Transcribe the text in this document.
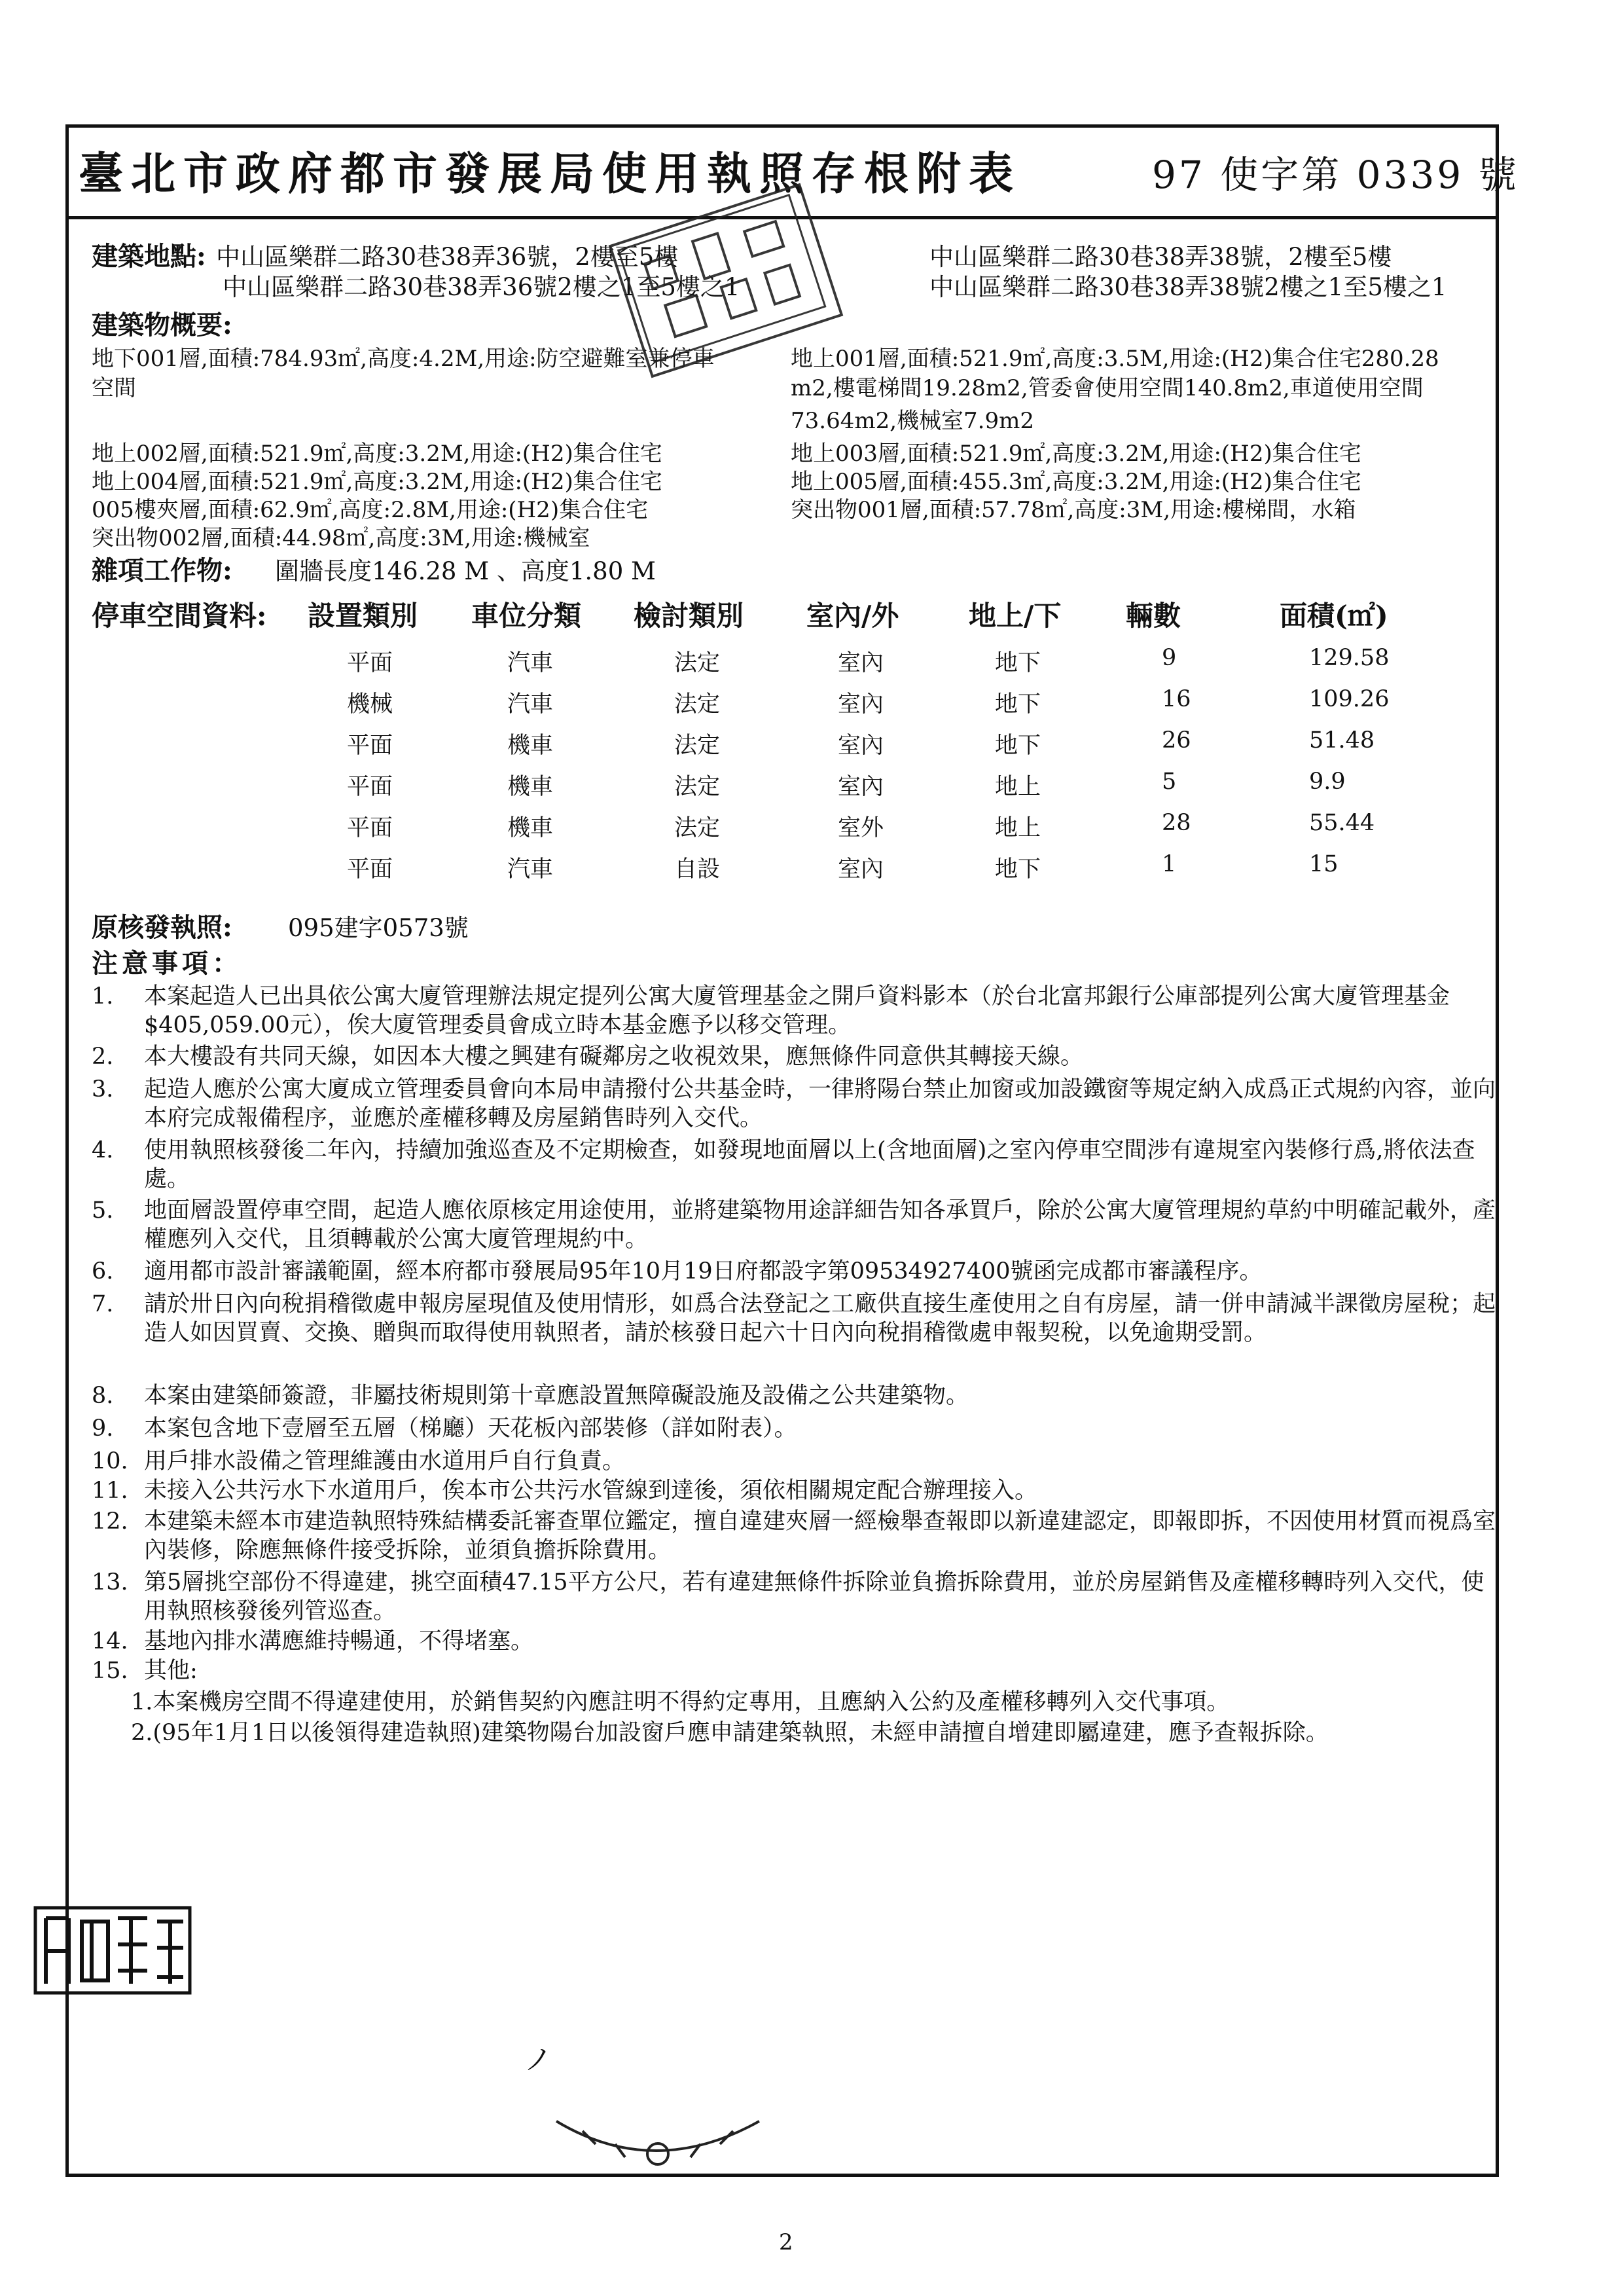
臺北市政府都市發展局使用執照存根附表	97 使字第 0339 號
建築地點: 中山區樂群二路30巷38弄36號，2樓至5樓
中山區樂群二路30巷38弄36號2樓之1至5樓之1
中山區樂群二路30巷38弄38號，2樓至5樓
中山區樂群二路30巷38弄38號2樓之1至5樓之1
建築物概要:
地下001層,面積:784.93㎡,高度:4.2M,用途:防空避難室兼停車
空間
地上002層,面積:521.9㎡,高度:3.2M,用途:(H2)集合住宅
地上004層,面積:521.9㎡,高度:3.2M,用途:(H2)集合住宅
005樓夾層,面積:62.9㎡,高度:2.8M,用途:(H2)集合住宅
突出物002層,面積:44.98㎡,高度:3M,用途:機械室
地上001層,面積:521.9㎡,高度:3.5M,用途:(H2)集合住宅280.28
m2,樓電梯間19.28m2,管委會使用空間140.8m2,車道使用空間
73.64m2,機械室7.9m2
地上003層,面積:521.9㎡,高度:3.2M,用途:(H2)集合住宅
地上005層,面積:455.3㎡,高度:3.2M,用途:(H2)集合住宅
突出物001層,面積:57.78㎡,高度:3M,用途:樓梯間，水箱
雜項工作物: 圍牆長度146.28 M 、高度1.80 M
停車空間資料: 設置類別 車位分類 檢討類別 室內/外	地上/下 輛數	面積(㎡)
平面	汽車	法定	室內	地下	9	129.58
機械	汽車	法定	室內	地下	16	109.26
平面	機車	法定	室內	地下	26	51.48
平面	機車	法定	室內	地上	5	9.9
平面	機車	法定	室外	地上	28	55.44
平面	汽車	自設	室內	地下	1	15
原核發執照: 095建字0573號
注意事項：
1.	本案起造人已出具依公寓大廈管理辦法規定提列公寓大廈管理基金之開戶資料影本（於台北富邦銀行公庫部提列公寓大廈管理基金$405,059.00元），俟大廈管理委員會成立時本基金應予以移交管理。
2.	本大樓設有共同天線，如因本大樓之興建有礙鄰房之收視效果，應無條件同意供其轉接天線。
3.	起造人應於公寓大廈成立管理委員會向本局申請撥付公共基金時，一律將陽台禁止加窗或加設鐵窗等規定納入成爲正式規約內容，並向本府完成報備程序，並應於產權移轉及房屋銷售時列入交代。
4.	使用執照核發後二年內，持續加強巡查及不定期檢查，如發現地面層以上(含地面層)之室內停車空間涉有違規室內裝修行爲,將依法查處。
5.	地面層設置停車空間，起造人應依原核定用途使用，並將建築物用途詳細告知各承買戶，除於公寓大廈管理規約草約中明確記載外，產權應列入交代，且須轉載於公寓大廈管理規約中。
6.	適用都市設計審議範圍，經本府都市發展局95年10月19日府都設字第09534927400號函完成都市審議程序。
7.	請於卅日內向稅捐稽徵處申報房屋現值及使用情形，如爲合法登記之工廠供直接生產使用之自有房屋，請一併申請減半課徵房屋稅；起造人如因買賣、交換、贈與而取得使用執照者，請於核發日起六十日內向稅捐稽徵處申報契稅，以免逾期受罰。
8.	本案由建築師簽證，非屬技術規則第十章應設置無障礙設施及設備之公共建築物。
9.	本案包含地下壹層至五層（梯廳）天花板內部裝修（詳如附表）。
10. 用戶排水設備之管理維護由水道用戶自行負責。
11. 未接入公共污水下水道用戶，俟本市公共污水管線到達後，須依相關規定配合辦理接入。
12. 本建築未經本市建造執照特殊結構委託審查單位鑑定，擅自違建夾層一經檢舉查報即以新違建認定，即報即拆，不因使用材質而視爲室內裝修，除應無條件接受拆除，並須負擔拆除費用。
13. 第5層挑空部份不得違建，挑空面積47.15平方公尺，若有違建無條件拆除並負擔拆除費用，並於房屋銷售及產權移轉時列入交代，使用執照核發後列管巡查。
14. 基地內排水溝應維持暢通，不得堵塞。
15. 其他:
1.本案機房空間不得違建使用，於銷售契約內應註明不得約定專用，且應納入公約及產權移轉列入交代事項。
2.(95年1月1日以後領得建造執照)建築物陽台加設窗戶應申請建築執照，未經申請擅自增建即屬違建，應予查報拆除。
ノ
2
